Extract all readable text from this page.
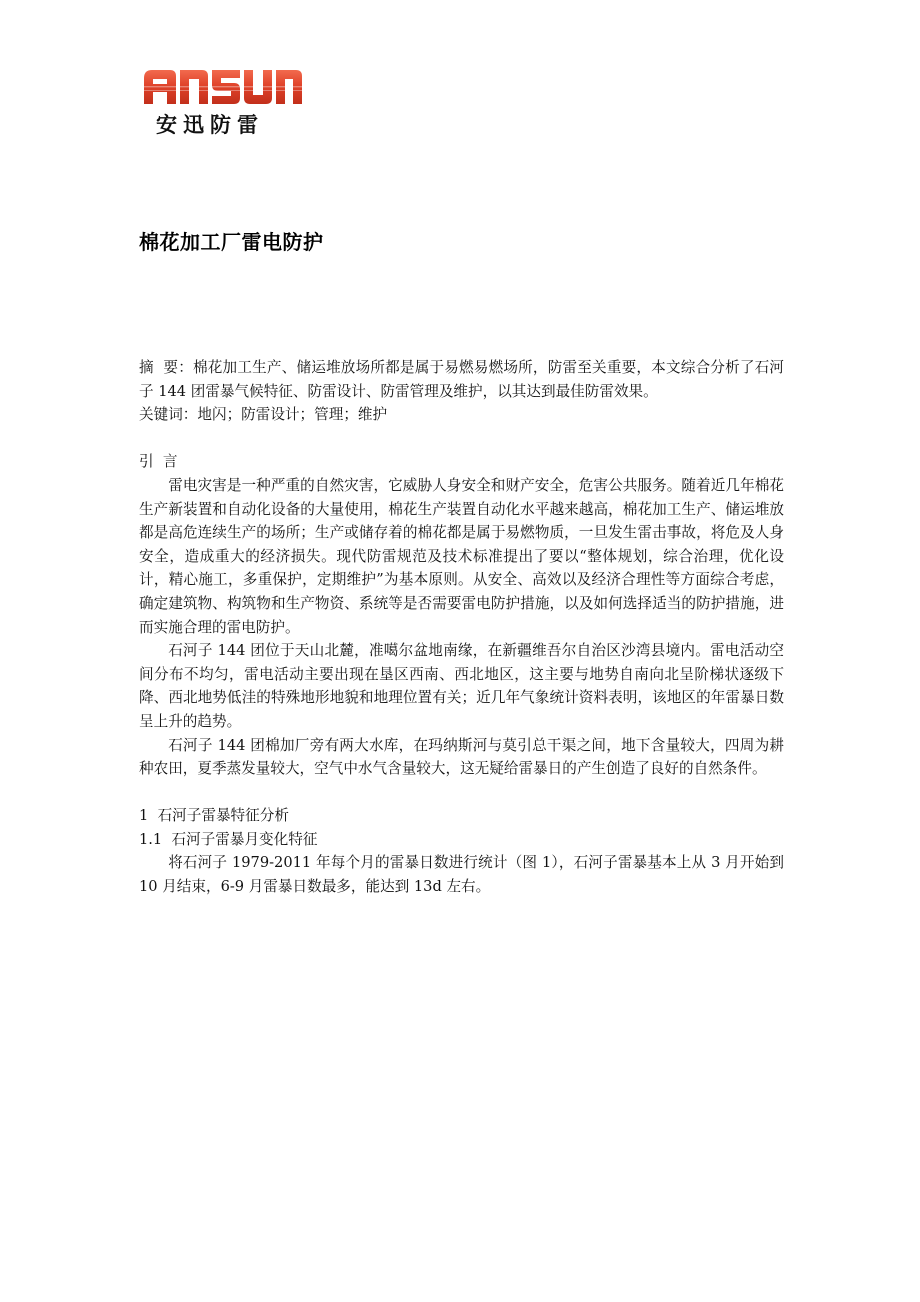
安迅防雷
棉花加工厂雷电防护

摘  要：棉花加工生产、储运堆放场所都是属于易燃易燃场所，防雷至关重要，本文综合分析了石河子 144 团雷暴气候特征、防雷设计、防雷管理及维护，以其达到最佳防雷效果。

关键词：地闪；防雷设计；管理；维护

引  言

雷电灾害是一种严重的自然灾害，它威胁人身安全和财产安全，危害公共服务。随着近几年棉花生产新装置和自动化设备的大量使用，棉花生产装置自动化水平越来越高，棉花加工生产、储运堆放都是高危连续生产的场所；生产或储存着的棉花都是属于易燃物质，一旦发生雷击事故，将危及人身安全，造成重大的经济损失。现代防雷规范及技术标准提出了要以“整体规划，综合治理，优化设计，精心施工，多重保护，定期维护”为基本原则。从安全、高效以及经济合理性等方面综合考虑，确定建筑物、构筑物和生产物资、系统等是否需要雷电防护措施，以及如何选择适当的防护措施，进而实施合理的雷电防护。

石河子 144 团位于天山北麓，准噶尔盆地南缘，在新疆维吾尔自治区沙湾县境内。雷电活动空间分布不均匀，雷电活动主要出现在垦区西南、西北地区，这主要与地势自南向北呈阶梯状逐级下降、西北地势低洼的特殊地形地貌和地理位置有关；近几年气象统计资料表明，该地区的年雷暴日数呈上升的趋势。

石河子 144 团棉加厂旁有两大水库，在玛纳斯河与莫引总干渠之间，地下含量较大，四周为耕种农田，夏季蒸发量较大，空气中水气含量较大，这无疑给雷暴日的产生创造了良好的自然条件。

1  石河子雷暴特征分析

1.1  石河子雷暴月变化特征

将石河子 1979-2011 年每个月的雷暴日数进行统计（图 1），石河子雷暴基本上从 3 月开始到 10 月结束，6-9 月雷暴日数最多，能达到 13d 左右。
